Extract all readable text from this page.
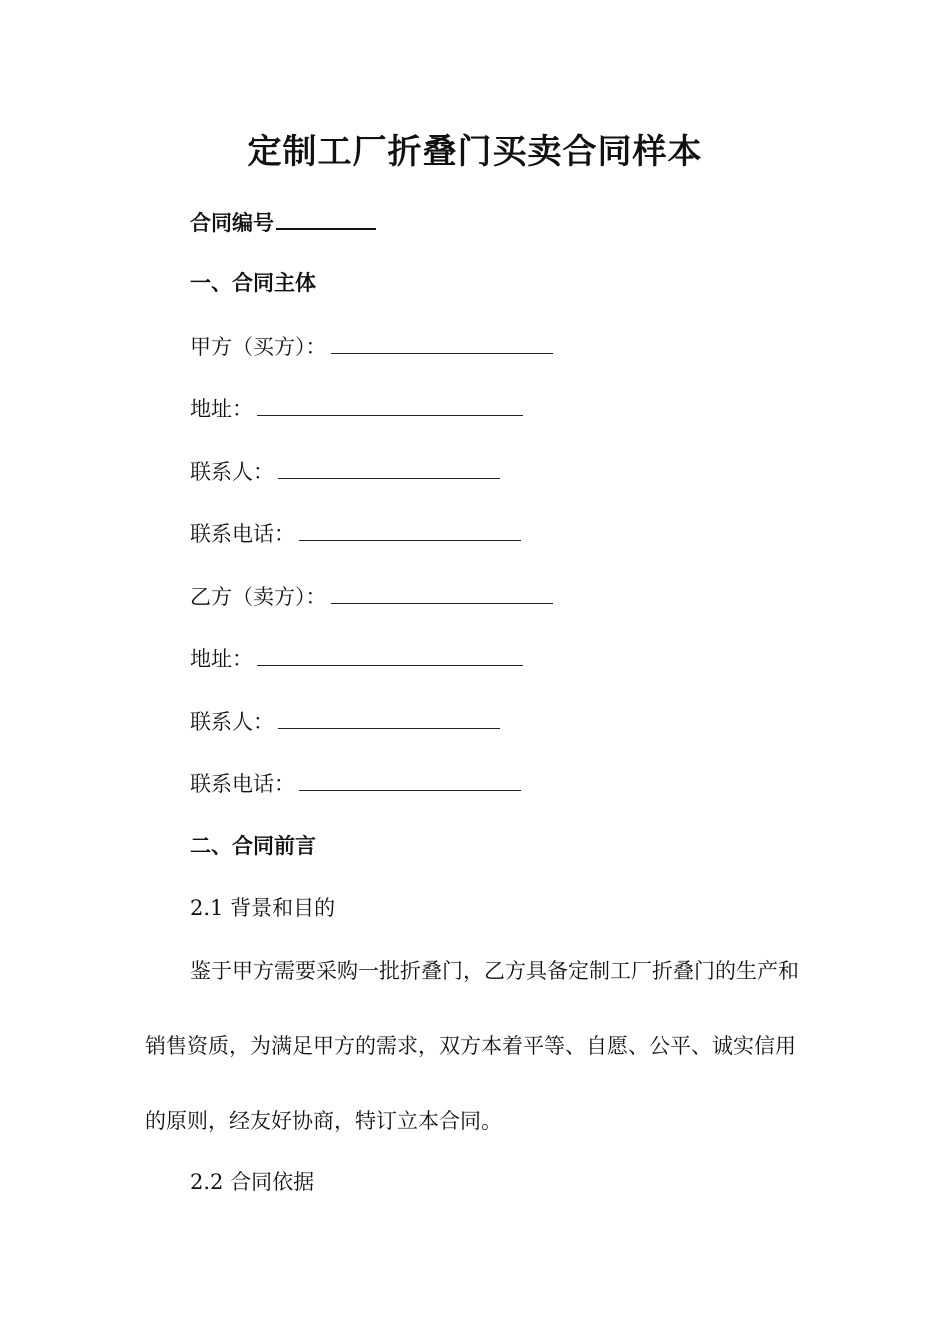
定制工厂折叠门买卖合同样本
合同编号
一、合同主体
甲方（买方）：
地址：
联系人：
联系电话：
乙方（卖方）：
地址：
联系人：
联系电话：
二、合同前言
2.1 背景和目的
鉴于甲方需要采购一批折叠门，乙方具备定制工厂折叠门的生产和销售资质，为满足甲方的需求，双方本着平等、自愿、公平、诚实信用的原则，经友好协商，特订立本合同。
2.2 合同依据
